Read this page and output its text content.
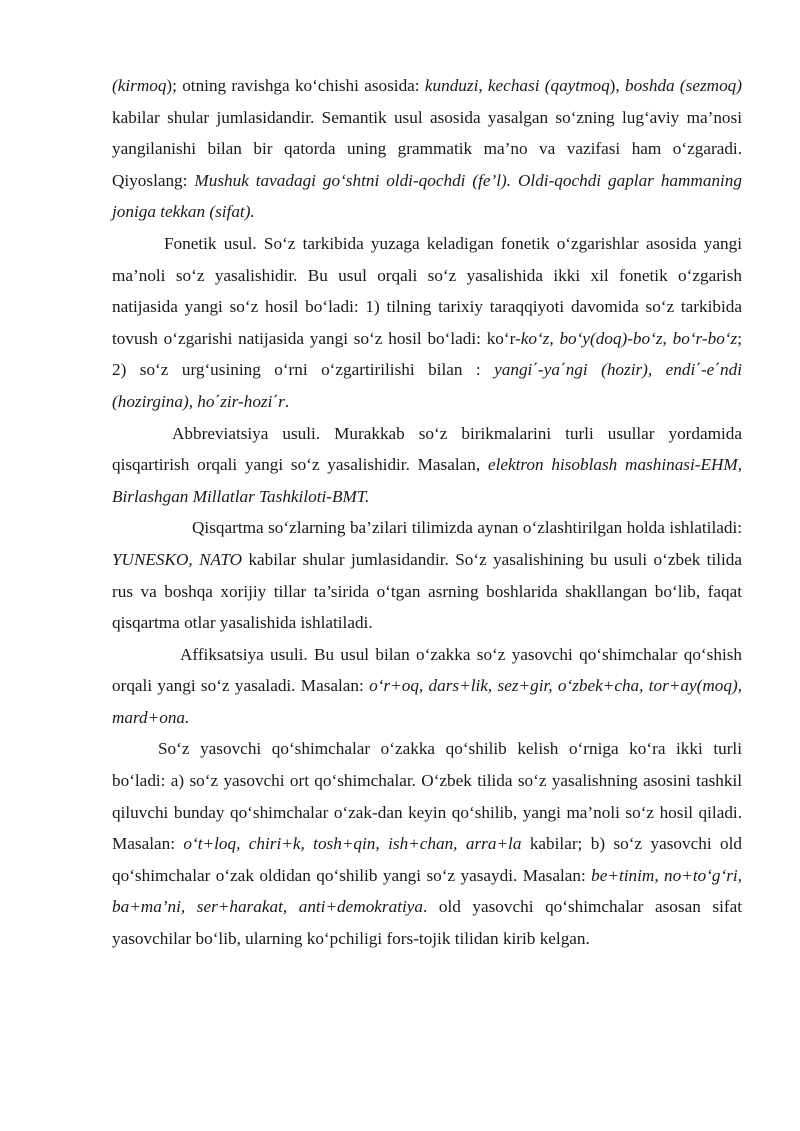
(kirmoq); otning ravishga ko‘chishi asosida: kunduzi, kechasi (qaytmoq), boshda (sezmoq) kabilar shular jumlasidandir. Semantik usul asosida yasalgan so‘zning lug‘aviy ma’nosi yangilanishi bilan bir qatorda uning grammatik ma’no va vazifasi ham o‘zgaradi. Qiyoslang: Mushuk tavadagi go‘shtni oldi-qochdi (fe’l). Oldi-qochdi gaplar hammaning joniga tekkan (sifat).

Fonetik usul. So‘z tarkibida yuzaga keladigan fonetik o‘zgarishlar asosida yangi ma’noli so‘z yasalishidir. Bu usul orqali so‘z yasalishida ikki xil fonetik o‘zgarish natijasida yangi so‘z hosil bo‘ladi: 1) tilning tarixiy taraqqiyoti davomida so‘z tarkibida tovush o‘zgarishi natijasida yangi so‘z hosil bo‘ladi: ko‘r-ko‘z, bo‘y(doq)-bo‘z, bo‘r-bo‘z; 2) so‘z urg‘usining o‘rni o‘zgartirilishi bilan : yangi΄-ya΄ngi (hozir), endi΄-e΄ndi (hozirgina), ho΄zir-hozi΄r.

Abbreviatsiya usuli. Murakkab so‘z birikmalarini turli usullar yordamida qisqartirish orqali yangi so‘z yasalishidir. Masalan, elektron hisoblash mashinasi-EHM, Birlashgan Millatlar Tashkiloti-BMT.

Qisqartma so‘zlarning ba’zilari tilimizda aynan o‘zlashtirilgan holda ishlatiladi: YUNESKO, NATO kabilar shular jumlasidandir. So‘z yasalishining bu usuli o‘zbek tilida rus va boshqa xorijiy tillar ta’sirida o‘tgan asrning boshlarida shakllangan bo‘lib, faqat qisqartma otlar yasalishida ishlatiladi.

Affiksatsiya usuli. Bu usul bilan o‘zakka so‘z yasovchi qo‘shimchalar qo‘shish orqali yangi so‘z yasaladi. Masalan: o‘r+oq, dars+lik, sez+gir, o‘zbek+cha, tor+ay(moq), mard+ona.

So‘z yasovchi qo‘shimchalar o‘zakka qo‘shilib kelish o‘rniga ko‘ra ikki turli bo‘ladi: a) so‘z yasovchi ort qo‘shimchalar. O‘zbek tilida so‘z yasalishning asosini tashkil qiluvchi bunday qo‘shimchalar o‘zak-dan keyin qo‘shilib, yangi ma’noli so‘z hosil qiladi. Masalan: o‘t+loq, chiri+k, tosh+qin, ish+chan, arra+la kabilar; b) so‘z yasovchi old qo‘shimchalar o‘zak oldidan qo‘shilib yangi so‘z yasaydi. Masalan: be+tinim, no+to‘g‘ri, ba+ma’ni, ser+harakat, anti+demokratiya. old yasovchi qo‘shimchalar asosan sifat yasovchilar bo‘lib, ularning ko‘pchiligi fors-tojik tilidan kirib kelgan.
